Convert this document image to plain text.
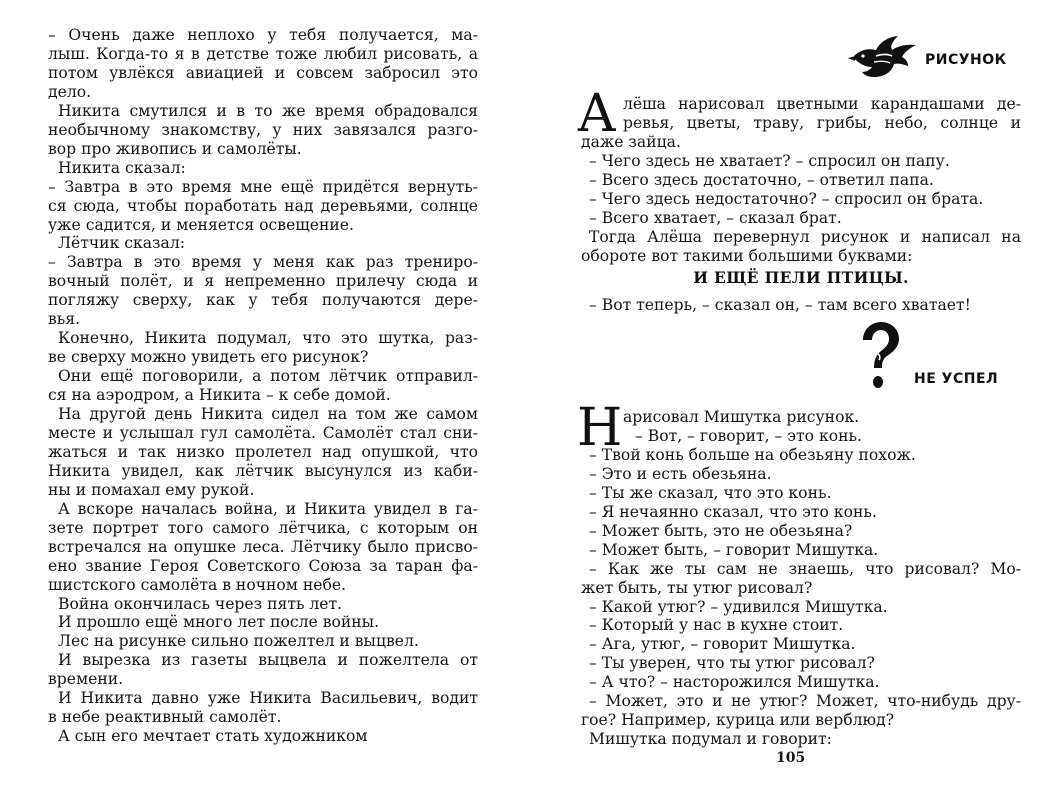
– Очень даже неплохо у тебя получается, ма-
лыш. Когда-то я в детстве тоже любил рисовать, а
потом увлёкся авиацией и совсем забросил это
дело.
Никита смутился и в то же время обрадовался
необычному знакомству, у них завязался разго-
вор про живопись и самолёты.
Никита сказал:
– Завтра в это время мне ещё придётся вернуть-
ся сюда, чтобы поработать над деревьями, солнце
уже садится, и меняется освещение.
Лётчик сказал:
– Завтра в это время у меня как раз трениро-
вочный полёт, и я непременно прилечу сюда и
погляжу сверху, как у тебя получаются дере-
вья.
Конечно, Никита подумал, что это шутка, раз-
ве сверху можно увидеть его рисунок?
Они ещё поговорили, а потом лётчик отправил-
ся на аэродром, а Никита – к себе домой.
На другой день Никита сидел на том же самом
месте и услышал гул самолёта. Самолёт стал сни-
жаться и так низко пролетел над опушкой, что
Никита увидел, как лётчик высунулся из каби-
ны и помахал ему рукой.
А вскоре началась война, и Никита увидел в га-
зете портрет того самого лётчика, с которым он
встречался на опушке леса. Лётчику было присво-
ено звание Героя Советского Союза за таран фа-
шистского самолёта в ночном небе.
Война окончилась через пять лет.
И прошло ещё много лет после войны.
Лес на рисунке сильно пожелтел и выцвел.
И вырезка из газеты выцвела и пожелтела от
времени.
И Никита давно уже Никита Васильевич, водит
в небе реактивный самолёт.
А сын его мечтает стать художником
РИСУНОК
А лёша нарисовал цветными карандашами де-
ревья, цветы, траву, грибы, небо, солнце и
даже зайца.
– Чего здесь не хватает? – спросил он папу.
– Всего здесь достаточно, – ответил папа.
– Чего здесь недостаточно? – спросил он брата.
– Всего хватает, – сказал брат.
Тогда Алёша перевернул рисунок и написал на
обороте вот такими большими буквами:
И ЕЩЁ ПЕЛИ ПТИЦЫ.
– Вот теперь, – сказал он, – там всего хватает!
НЕ УСПЕЛ
Н арисовал Мишутка рисунок.
– Вот, – говорит, – это конь.
– Твой конь больше на обезьяну похож.
– Это и есть обезьяна.
– Ты же сказал, что это конь.
– Я нечаянно сказал, что это конь.
– Может быть, это не обезьяна?
– Может быть, – говорит Мишутка.
– Как же ты сам не знаешь, что рисовал? Мо-
жет быть, ты утюг рисовал?
– Какой утюг? – удивился Мишутка.
– Который у нас в кухне стоит.
– Ага, утюг, – говорит Мишутка.
– Ты уверен, что ты утюг рисовал?
– А что? – насторожился Мишутка.
– Может, это и не утюг? Может, что-нибудь дру-
гое? Например, курица или верблюд?
Мишутка подумал и говорит:
105
